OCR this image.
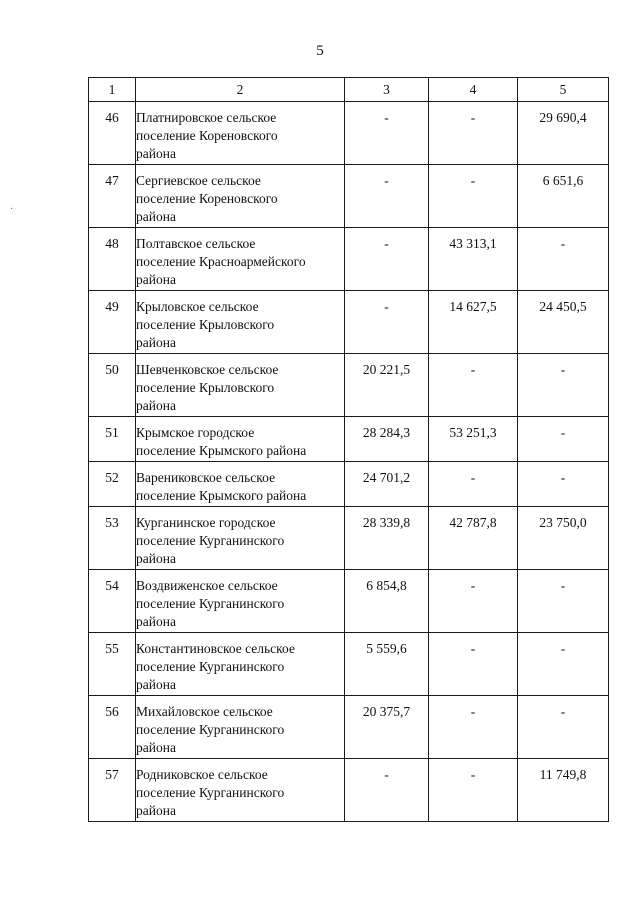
5
·
1	2	3	4	5
46	Платнировское сельское
поселение Кореновского
района	-	-	29 690,4
47	Сергиевское сельское
поселение Кореновского
района	-	-	6 651,6
48	Полтавское сельское
поселение Красноармейского
района	-	43 313,1	-
49	Крыловское сельское
поселение Крыловского
района	-	14 627,5	24 450,5
50	Шевченковское сельское
поселение Крыловского
района	20 221,5	-	-
51	Крымское городское
поселение Крымского района	28 284,3	53 251,3	-
52	Варениковское сельское
поселение Крымского района	24 701,2	-	-
53	Курганинское городское
поселение Курганинского
района	28 339,8	42 787,8	23 750,0
54	Воздвиженское сельское
поселение Курганинского
района	6 854,8	-	-
55	Константиновское сельское
поселение Курганинского
района	5 559,6	-	-
56	Михайловское сельское
поселение Курганинского
района	20 375,7	-	-
57	Родниковское сельское
поселение Курганинского
района	-	-	11 749,8
